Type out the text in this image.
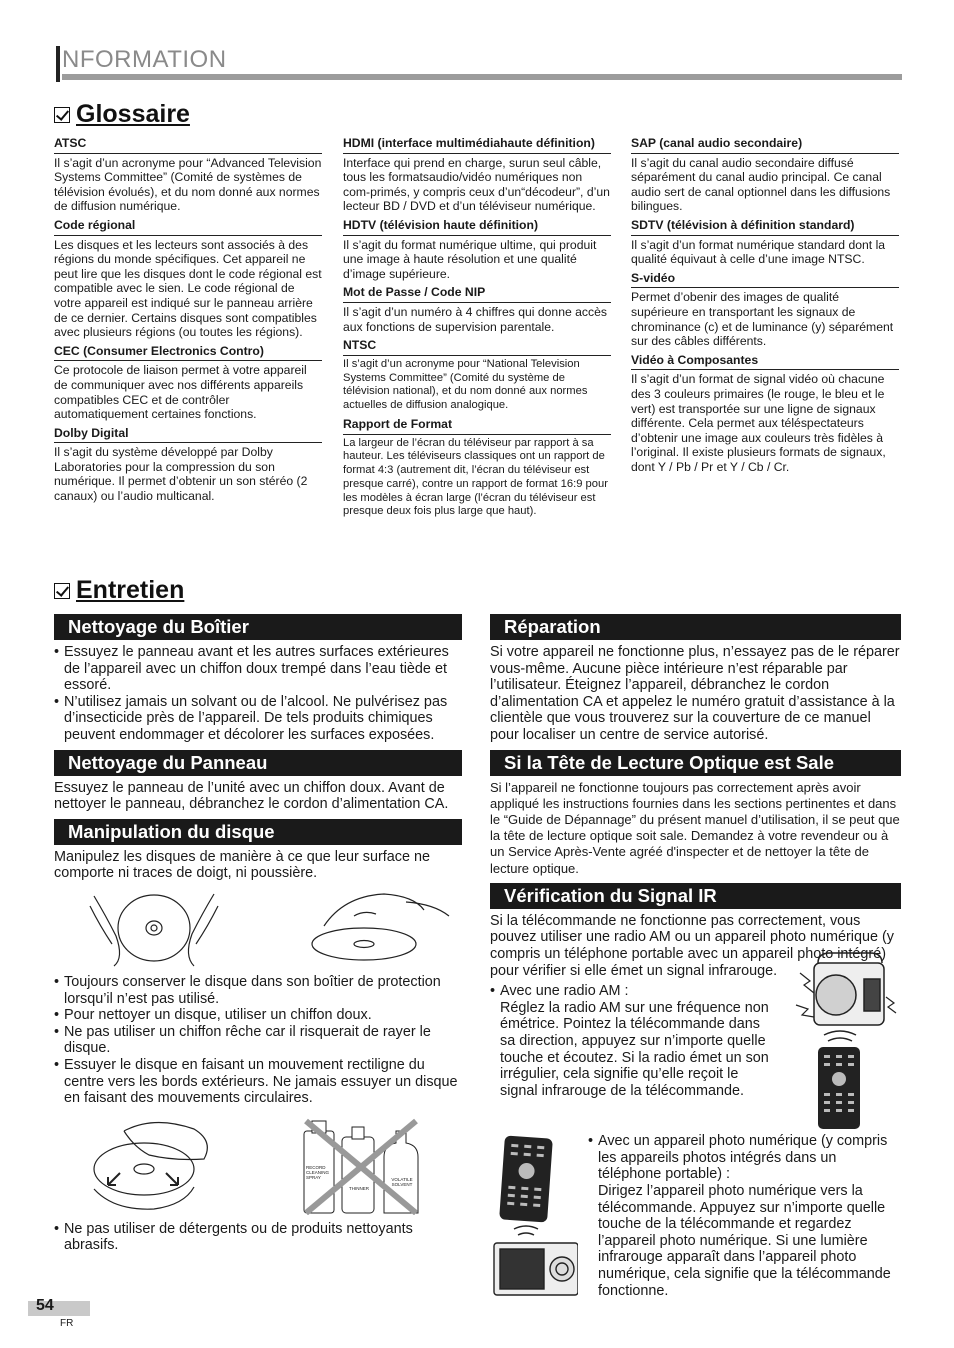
NFORMATION
Glossaire
ATSC
Il s’agit d’un acronyme pour “Advanced Television Systems Committee” (Comité de systèmes de télévision évolués), et du nom donné aux normes de diffusion numérique.
Code régional
Les disques et les lecteurs sont associés à des régions du monde spécifiques. Cet appareil ne peut lire que les disques dont le code régional est compatible avec le sien. Le code régional de votre appareil est indiqué sur le panneau arrière de ce dernier. Certains disques sont compatibles avec plusieurs régions (ou toutes les régions).
CEC (Consumer Electronics Contro)
Ce protocole de liaison permet à votre appareil de communiquer avec nos différents appareils compatibles CEC et de contrôler automatiquement certaines fonctions.
Dolby Digital
Il s’agit du système développé par Dolby Laboratories pour la compression du son numérique. Il permet d’obtenir un son stéréo (2 canaux) ou l’audio multicanal.
HDMI (interface multimédiahaute définition)
Interface qui prend en charge, surun seul câble, tous les formatsaudio/vidéo numériques non com-primés, y compris ceux d’un“décodeur”, d’un lecteur BD / DVD et d’un téléviseur numérique.
HDTV (télévision haute définition)
Il s’agit du format numérique ultime, qui produit une image à haute résolution et une qualité d’image supérieure.
Mot de Passe / Code NIP
Il s’agit d’un numéro à 4 chiffres qui donne accès aux fonctions de supervision parentale.
NTSC
Il s’agit d’un acronyme pour “National Television Systems Committee” (Comité du système de télévision national), et du nom donné aux normes actuelles de diffusion analogique.
Rapport de Format
La largeur de l’écran du téléviseur par rapport à sa hauteur. Les téléviseurs classiques ont un rapport de format 4:3 (autrement dit, l’écran du téléviseur est presque carré), contre un rapport de format 16:9 pour les modèles à écran large (l’écran du téléviseur est presque deux fois plus large que haut).
SAP (canal audio secondaire)
Il s’agit du canal audio secondaire diffusé séparément du canal audio principal. Ce canal audio sert de canal optionnel dans les diffusions bilingues.
SDTV (télévision à définition standard)
Il s’agit d’un format numérique standard dont la qualité équivaut à celle d’une image NTSC.
S-vidéo
Permet d’obenir des images de qualité supérieure en transportant les signaux de chrominance (c) et de luminance (y) séparément sur des câbles différents.
Vidéo à Composantes
Il s’agit d’un format de signal vidéo où chacune des 3 couleurs primaires (le rouge, le bleu et le vert) est transportée sur une ligne de signaux différente. Cela permet aux téléspectateurs d’obtenir une image aux couleurs très fidèles à l’original. Il existe plusieurs formats de signaux, dont Y / Pb / Pr et Y / Cb / Cr.
Entretien
Nettoyage du Boîtier
• Essuyez le panneau avant et les autres surfaces extérieures de l’appareil avec un chiffon doux trempé dans l’eau tiède et essoré.
• N’utilisez jamais un solvant ou de l’alcool. Ne pulvérisez pas d’insecticide près de l’appareil. De tels produits chimiques peuvent endommager et décolorer les surfaces exposées.
Nettoyage du Panneau
Essuyez le panneau de l’unité avec un chiffon doux. Avant de nettoyer le panneau, débranchez le cordon d’alimentation CA.
Manipulation du disque
Manipulez les disques de manière à ce que leur surface ne comporte ni traces de doigt, ni poussière.
• Toujours conserver le disque dans son boîtier de protection lorsqu’il n’est pas utilisé.
• Pour nettoyer un disque, utiliser un chiffon doux.
• Ne pas utiliser un chiffon rêche car il risquerait de rayer le disque.
• Essuyer le disque en faisant un mouvement rectiligne du centre vers les bords extérieurs. Ne jamais essuyer un disque en faisant des mouvements circulaires.
RECORD CLEANING SPRAY
THINNER
VOLATILE SOLVENT
• Ne pas utiliser de détergents ou de produits nettoyants abrasifs.
Réparation
Si votre appareil ne fonctionne plus, n’essayez pas de le réparer vous-même. Aucune pièce intérieure n’est réparable par l’utilisateur. Éteignez l’appareil, débranchez le cordon d’alimentation CA et appelez le numéro gratuit d’assistance à la clientèle que vous trouverez sur la couverture de ce manuel pour localiser un centre de service autorisé.
Si la Tête de Lecture Optique est Sale
Si l’appareil ne fonctionne toujours pas correctement après avoir appliqué les instructions fournies dans les sections pertinentes et dans le “Guide de Dépannage” du présent manuel d’utilisation, il se peut que la tête de lecture optique soit sale. Demandez à votre revendeur ou à un Service Après-Vente agréé d'inspecter et de nettoyer la tête de lecture optique.
Vérification du Signal IR
Si la télécommande ne fonctionne pas correctement, vous pouvez utiliser une radio AM ou un appareil photo numérique (y compris un téléphone portable avec un appareil photo intégré) pour vérifier si elle émet un signal infrarouge.
• Avec une radio AM :
Réglez la radio AM sur une fréquence non émétrice. Pointez la télécommande dans sa direction, appuyez sur n’importe quelle touche et écoutez. Si la radio émet un son irrégulier, cela signifie qu’elle reçoit le signal infrarouge de la télécommande.
• Avec un appareil photo numérique (y compris les appareils photos intégrés dans un téléphone portable) :
Dirigez l’appareil photo numérique vers la télécommande. Appuyez sur n’importe quelle touche de la télécommande et regardez l’appareil photo numérique. Si une lumière infrarouge apparaît dans l’appareil photo numérique, cela signifie que la télécommande fonctionne.
54
FR
